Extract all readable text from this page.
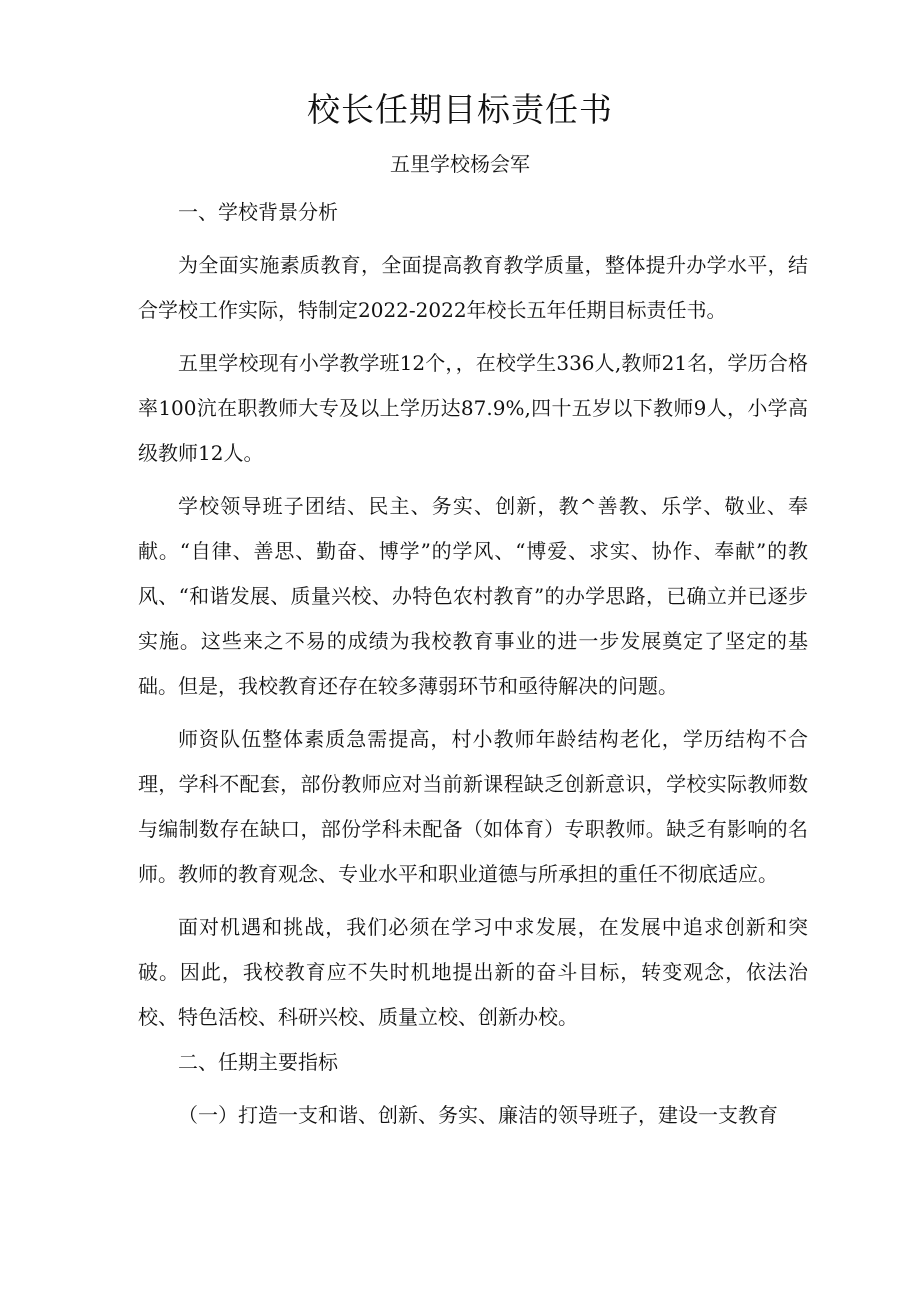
校长任期目标责任书
五里学校杨会军

一、学校背景分析

为全面实施素质教育，全面提高教育教学质量，整体提升办学水平，结合学校工作实际，特制定2022-2022年校长五年任期目标责任书。

五里学校现有小学教学班12个，，在校学生336人,教师21名，学历合格率100沆在职教师大专及以上学历达87.9%,四十五岁以下教师9人，小学高级教师12人。

学校领导班子团结、民主、务实、创新，教^善教、乐学、敬业、奉献。“自律、善思、勤奋、博学”的学风、“博爱、求实、协作、奉献”的教风、“和谐发展、质量兴校、办特色农村教育”的办学思路，已确立并已逐步实施。这些来之不易的成绩为我校教育事业的进一步发展奠定了坚定的基础。但是，我校教育还存在较多薄弱环节和亟待解决的问题。

师资队伍整体素质急需提高，村小教师年龄结构老化，学历结构不合理，学科不配套，部份教师应对当前新课程缺乏创新意识，学校实际教师数与编制数存在缺口，部份学科未配备（如体育）专职教师。缺乏有影响的名师。教师的教育观念、专业水平和职业道德与所承担的重任不彻底适应。

面对机遇和挑战，我们必须在学习中求发展，在发展中追求创新和突破。因此，我校教育应不失时机地提出新的奋斗目标，转变观念，依法治校、特色活校、科研兴校、质量立校、创新办校。

二、任期主要指标

（一）打造一支和谐、创新、务实、廉洁的领导班子，建设一支教育
